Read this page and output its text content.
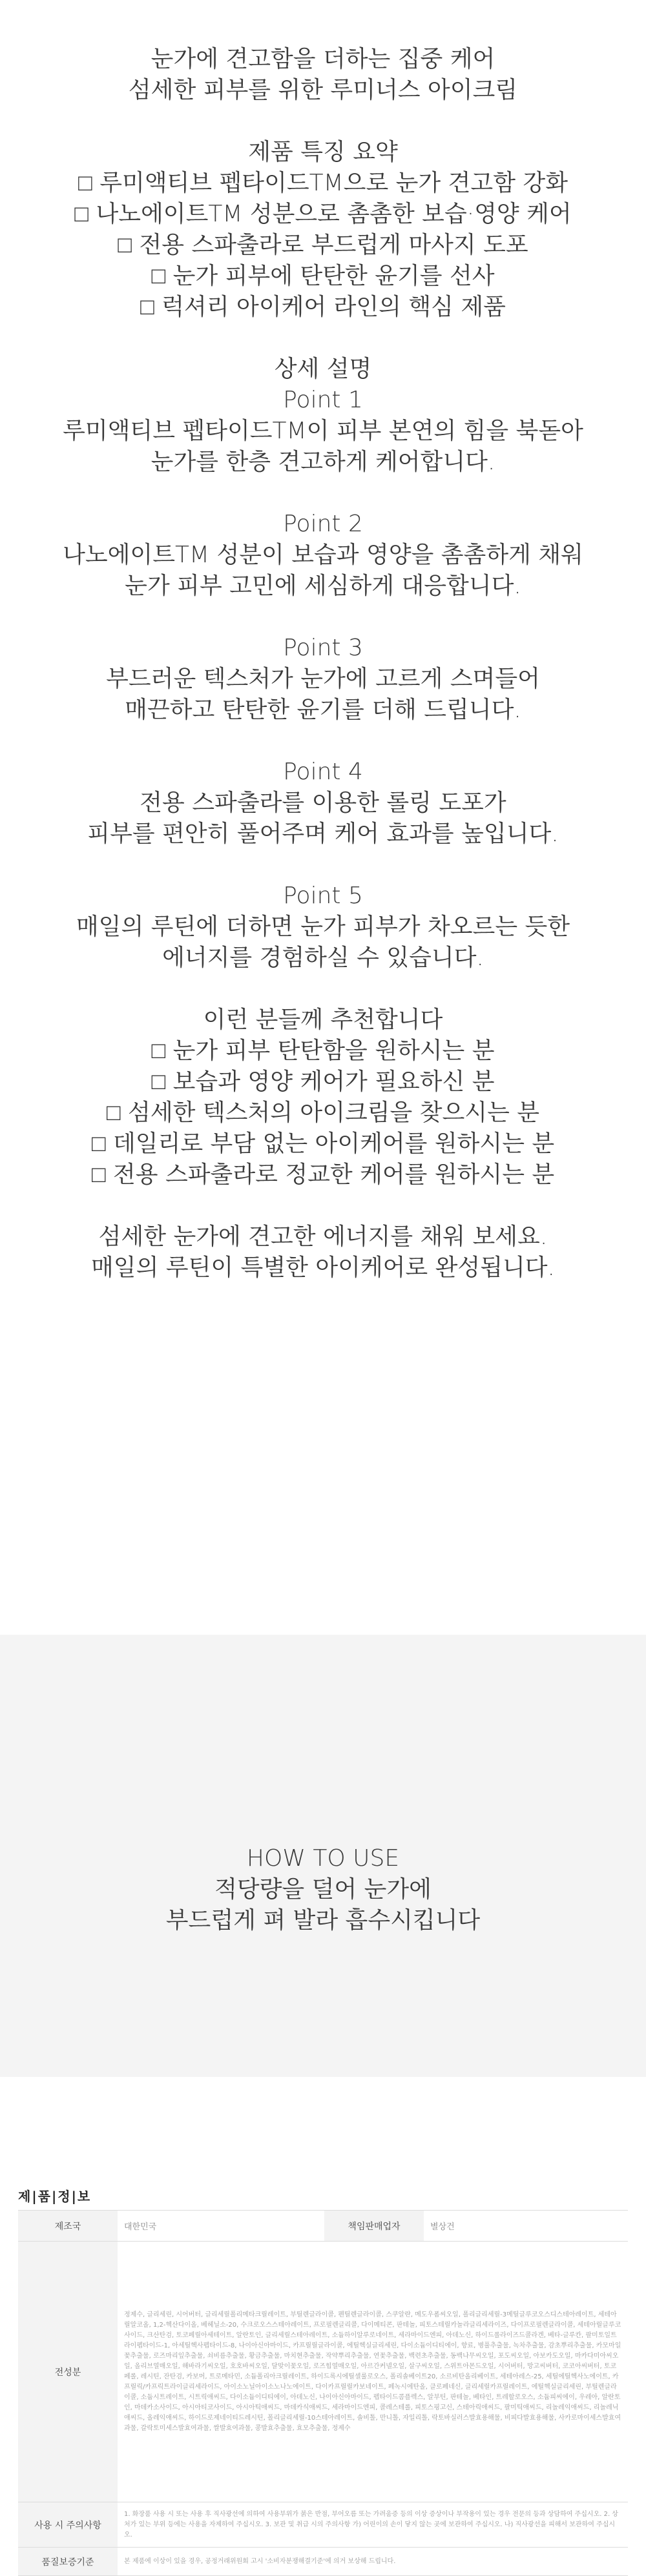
눈가에 견고함을 더하는 집중 케어
섬세한 피부를 위한 루미너스 아이크림
제품 특징 요약
□ 루미액티브 펩타이드TM으로 눈가 견고함 강화
□ 나노에이트TM 성분으로 촘촘한 보습·영양 케어
□ 전용 스파출라로 부드럽게 마사지 도포
□ 눈가 피부에 탄탄한 윤기를 선사
□ 럭셔리 아이케어 라인의 핵심 제품
상세 설명
Point 1
루미액티브 펩타이드TM이 피부 본연의 힘을 북돋아
눈가를 한층 견고하게 케어합니다.
Point 2
나노에이트TM 성분이 보습과 영양을 촘촘하게 채워
눈가 피부 고민에 세심하게 대응합니다.
Point 3
부드러운 텍스처가 눈가에 고르게 스며들어
매끈하고 탄탄한 윤기를 더해 드립니다.
Point 4
전용 스파출라를 이용한 롤링 도포가
피부를 편안히 풀어주며 케어 효과를 높입니다.
Point 5
매일의 루틴에 더하면 눈가 피부가 차오르는 듯한
에너지를 경험하실 수 있습니다.
이런 분들께 추천합니다
□ 눈가 피부 탄탄함을 원하시는 분
□ 보습과 영양 케어가 필요하신 분
□ 섬세한 텍스처의 아이크림을 찾으시는 분
□ 데일리로 부담 없는 아이케어를 원하시는 분
□ 전용 스파출라로 정교한 케어를 원하시는 분
섬세한 눈가에 견고한 에너지를 채워 보세요.
매일의 루틴이 특별한 아이케어로 완성됩니다.
HOW TO USE
적당량을 덜어 눈가에
부드럽게 펴 발라 흡수시킵니다
제|품|정|보
제조국	대한민국	책임판매업자	별상건
전성분	정제수, 글리세린, 시어버터, 글리세릴폴리메타크릴레이트, 부틸렌글라이콜, 펜틸렌글라이콜, 스쿠알란, 메도우폼씨오일, 폴리글리세릴-3메틸글루코오스디스테아레이트, 세테아릴알코올, 1,2-헥산다이올, 베헤닐소-20, 수크로오스스테아레이트, 프로필렌글리콜, 다이메티콘, 판테놀, 피토스테릴카놀라글리세라이즈, 다이프로필렌글라이콜, 세테아릴글루코사이드, 크산탄검, 토코페릴아세테이트, 알란토인, 글리세릴스테아레이트, 소듐하이알루로네이트, 세라마이드엔피, 아데노신, 하이드롤라이즈드콜라겐, 베타-글루칸, 팔미토일트라이펩타이드-1, 아세틸헥사펩타이드-8, 나이아신아마이드, 카프릴릴글라이콜, 에틸헥실글리세린, 다이소듐이디티에이, 향료, 병풀추출물, 녹차추출물, 감초뿌리추출물, 카모마일꽃추출물, 로즈마리잎추출물, 쇠비름추출물, 황금추출물, 마치현추출물, 작약뿌리추출물, 연꽃추출물, 백련초추출물, 동백나무씨오일, 포도씨오일, 아보카도오일, 마카다미아씨오일, 올리브열매오일, 해바라기씨오일, 호호바씨오일, 달맞이꽃오일, 로즈힙열매오일, 아르간커넬오일, 살구씨오일, 스위트아몬드오일, 시어버터, 망고씨버터, 코코아씨버터, 토코페롤, 레시틴, 잔탄검, 카보머, 트로메타민, 소듐폴리아크릴레이트, 하이드록시에틸셀룰로오스, 폴리솔베이트20, 소르비탄올리베이트, 세테아레스-25, 세틸에틸헥사노에이트, 카프릴릭/카프릭트라이글리세라이드, 아이소노닐아이소노나노에이트, 다이카프릴릴카보네이트, 페녹시에탄올, 클로페네신, 글리세릴카프릴레이트, 에틸헥실글리세린, 부틸렌글라이콜, 소듐시트레이트, 시트릭애씨드, 다이소듐이디티에이, 아데노신, 나이아신아마이드, 펩타이드콤플렉스, 알부틴, 판테놀, 베타인, 트레할로오스, 소듐피씨에이, 우레아, 알란토인, 마데카소사이드, 아시아티코사이드, 아시아틱애씨드, 마데카식애씨드, 세라마이드엔피, 콜레스테롤, 피토스핑고신, 스테아릭애씨드, 팔미틱애씨드, 리놀레익애씨드, 리놀레닉애씨드, 올레익애씨드, 하이드로제네이티드레시틴, 폴리글리세릴-10스테아레이트, 솔비톨, 만니톨, 자일리톨, 락토바실러스발효용해물, 비피다발효용해물, 사카로마이세스발효여과물, 갈락토미세스발효여과물, 쌀발효여과물, 콩발효추출물, 효모추출물, 정제수		
사용 시 주의사항	1. 화장품 사용 시 또는 사용 후 직사광선에 의하여 사용부위가 붉은 반점, 부어오름 또는 가려움증 등의 이상 증상이나 부작용이 있는 경우 전문의 등과 상담하여 주십시오. 2. 상처가 있는 부위 등에는 사용을 자제하여 주십시오. 3. 보관 및 취급 시의 주의사항 가) 어린이의 손이 닿지 않는 곳에 보관하여 주십시오. 나) 직사광선을 피해서 보관하여 주십시오.		
품질보증기준	본 제품에 이상이 있을 경우, 공정거래위원회 고시 '소비자분쟁해결기준'에 의거 보상해 드립니다.		
